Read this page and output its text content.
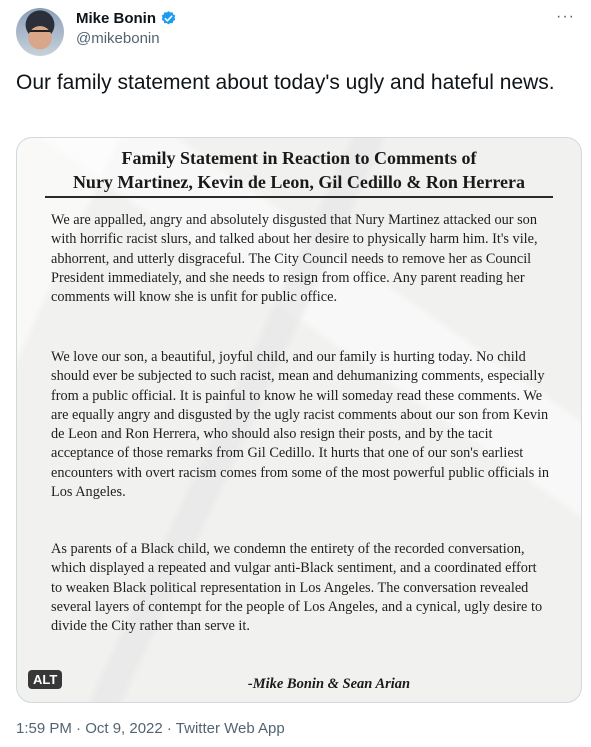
Mike Bonin
@mikebonin
···
Our family statement about today's ugly and hateful news.
Family Statement in Reaction to Comments of
Nury Martinez, Kevin de Leon, Gil Cedillo & Ron Herrera
We are appalled, angry and absolutely disgusted that Nury Martinez attacked our son with horrific racist slurs, and talked about her desire to physically harm him. It's vile, abhorrent, and utterly disgraceful. The City Council needs to remove her as Council President immediately, and she needs to resign from office. Any parent reading her comments will know she is unfit for public office.
We love our son, a beautiful, joyful child, and our family is hurting today. No child should ever be subjected to such racist, mean and dehumanizing comments, especially from a public official. It is painful to know he will someday read these comments. We are equally angry and disgusted by the ugly racist comments about our son from Kevin de Leon and Ron Herrera, who should also resign their posts, and by the tacit acceptance of those remarks from Gil Cedillo. It hurts that one of our son's earliest encounters with overt racism comes from some of the most powerful public officials in Los Angeles.
As parents of a Black child, we condemn the entirety of the recorded conversation, which displayed a repeated and vulgar anti-Black sentiment, and a coordinated effort to weaken Black political representation in Los Angeles. The conversation revealed several layers of contempt for the people of Los Angeles, and a cynical, ugly desire to divide the City rather than serve it.
-Mike Bonin & Sean Arian
ALT
1:59 PM · Oct 9, 2022 · Twitter Web App
